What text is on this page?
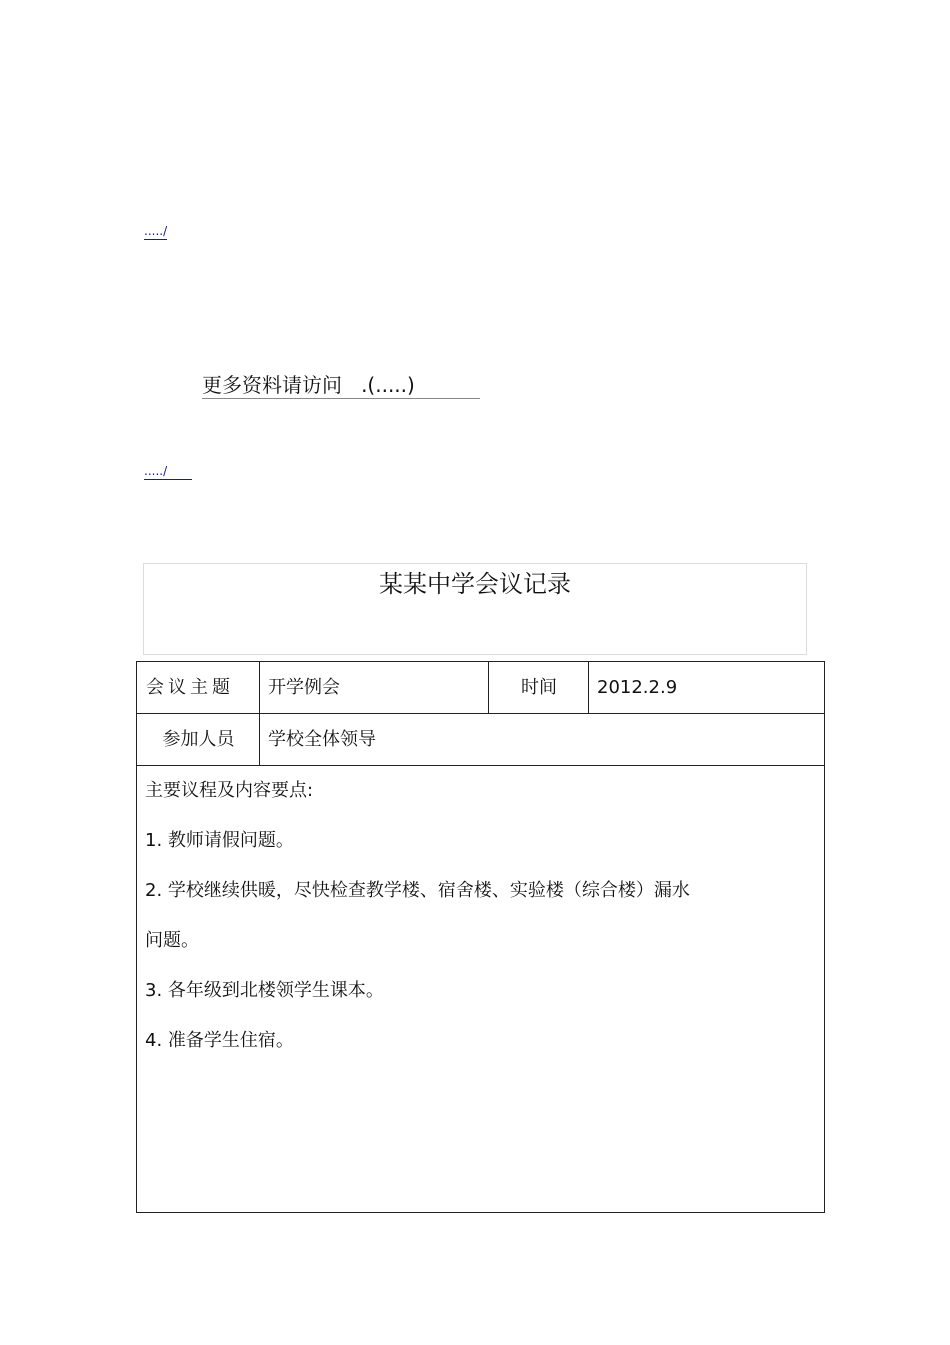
...../
更多资料请访问   .(.....)
...../
某某中学会议记录
会议主题	开学例会	时间	2012.2.9
参加人员	学校全体领导

主要议程及内容要点:

1. 教师请假问题。

2. 学校继续供暖，尽快检查教学楼、宿舍楼、实验楼（综合楼）漏水

问题。

3. 各年级到北楼领学生课本。

4. 准备学生住宿。
